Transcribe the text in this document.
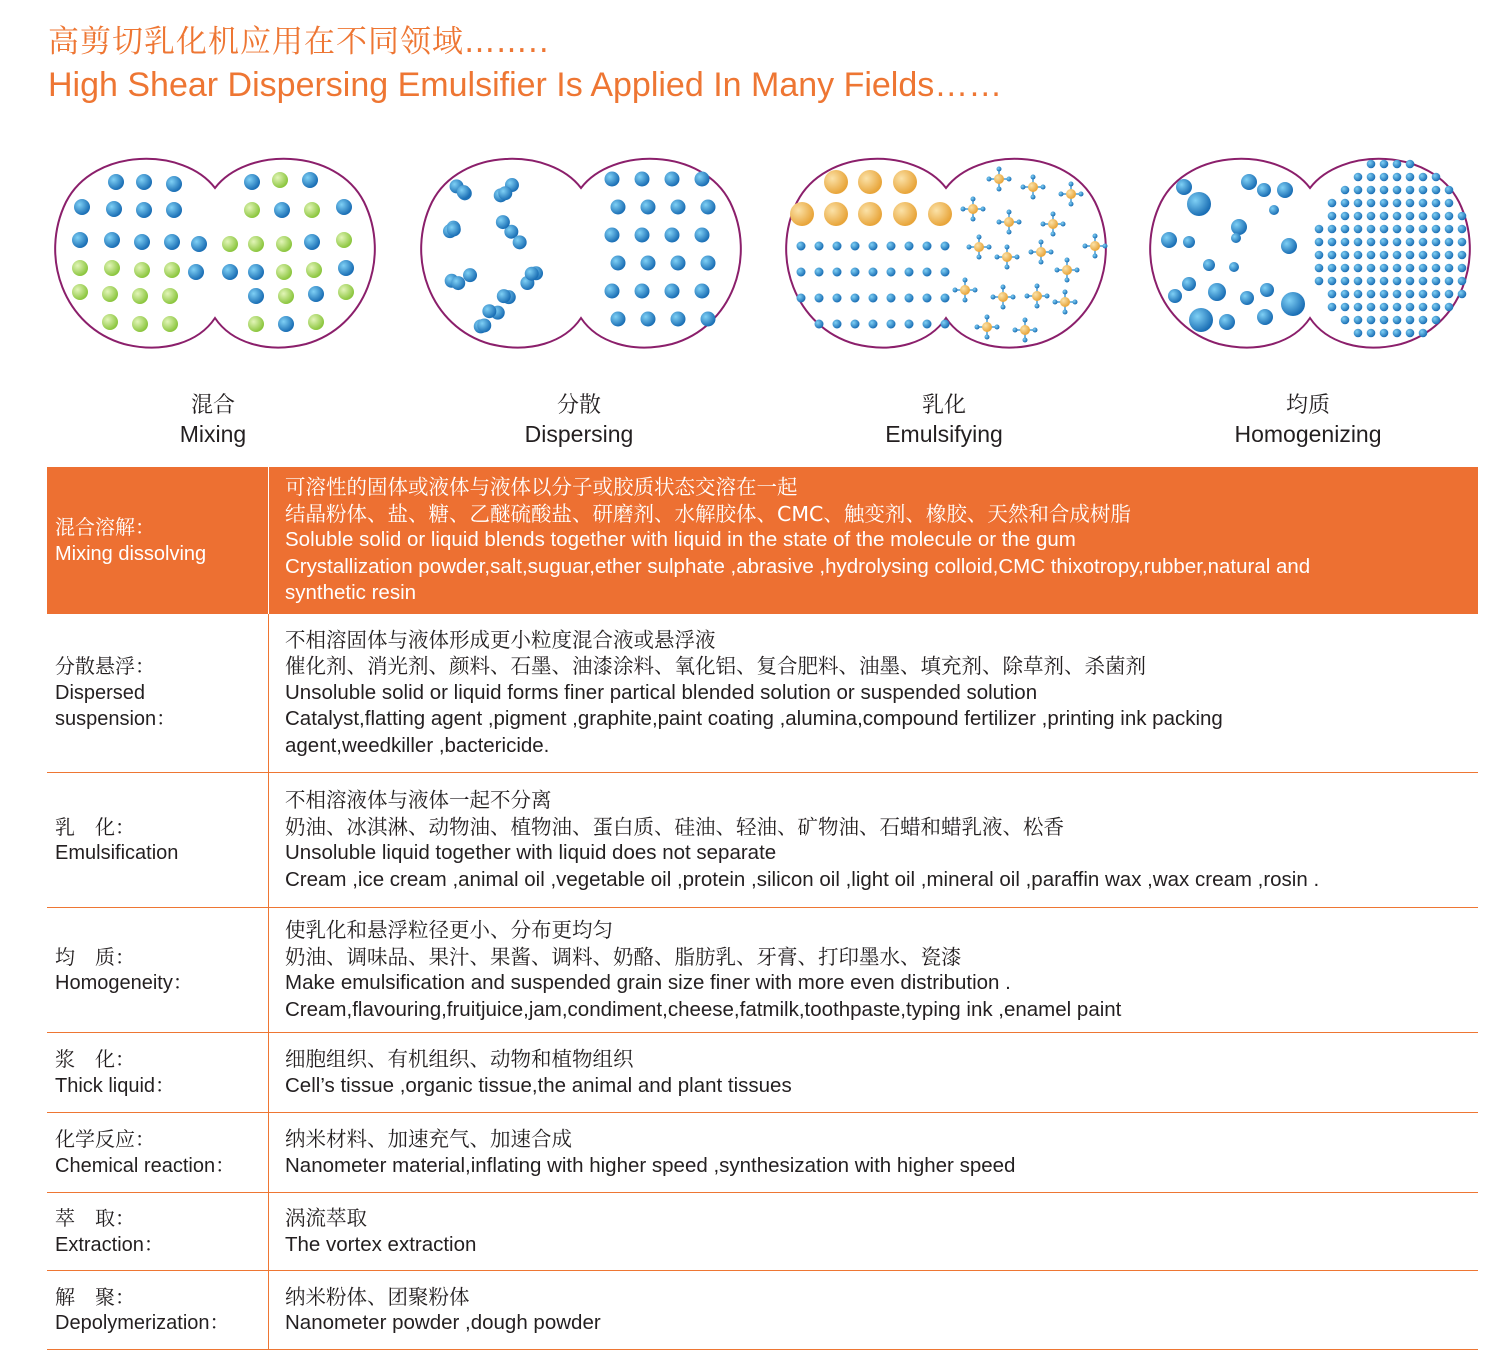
高剪切乳化机应用在不同领域……..
High Shear Dispersing Emulsifier Is Applied In Many Fields……
混合
Mixing
分散
Dispersing
乳化
Emulsifying
均质
Homogenizing
混合溶解：
Mixing dissolving
可溶性的固体或液体与液体以分子或胶质状态交溶在一起
结晶粉体、盐、糖、乙醚硫酸盐、研磨剂、水解胶体、CMC、触变剂、橡胶、天然和合成树脂
Soluble solid or liquid blends together with liquid in the state of the molecule or the gum
Crystallization powder,salt,suguar,ether sulphate ,abrasive ,hydrolysing colloid,CMC thixotropy,rubber,natural and
synthetic resin
分散悬浮：
Dispersed
suspension：
不相溶固体与液体形成更小粒度混合液或悬浮液
催化剂、消光剂、颜料、石墨、油漆涂料、氧化铝、复合肥料、油墨、填充剂、除草剂、杀菌剂
Unsoluble solid or liquid forms finer partical blended solution or suspended solution
Catalyst,flatting agent ,pigment ,graphite,paint coating ,alumina,compound fertilizer ,printing ink packing
agent,weedkiller ,bactericide.
乳　化：
Emulsification
不相溶液体与液体一起不分离
奶油、冰淇淋、动物油、植物油、蛋白质、硅油、轻油、矿物油、石蜡和蜡乳液、松香
Unsoluble liquid together with liquid does not separate
Cream ,ice cream ,animal oil ,vegetable oil ,protein ,silicon oil ,light oil ,mineral oil ,paraffin wax ,wax cream ,rosin .
均　质：
Homogeneity：
使乳化和悬浮粒径更小、分布更均匀
奶油、调味品、果汁、果酱、调料、奶酪、脂肪乳、牙膏、打印墨水、瓷漆
Make emulsification and suspended grain size finer with more even distribution .
Cream,flavouring,fruitjuice,jam,condiment,cheese,fatmilk,toothpaste,typing ink ,enamel paint
浆　化：
Thick liquid：
细胞组织、有机组织、动物和植物组织
Cell’s tissue ,organic tissue,the animal and plant tissues
化学反应：
Chemical reaction：
纳米材料、加速充气、加速合成
Nanometer material,inflating with higher speed ,synthesization with higher speed
萃　取：
Extraction：
涡流萃取
The vortex extraction
解　聚：
Depolymerization：
纳米粉体、团聚粉体
Nanometer powder ,dough powder
